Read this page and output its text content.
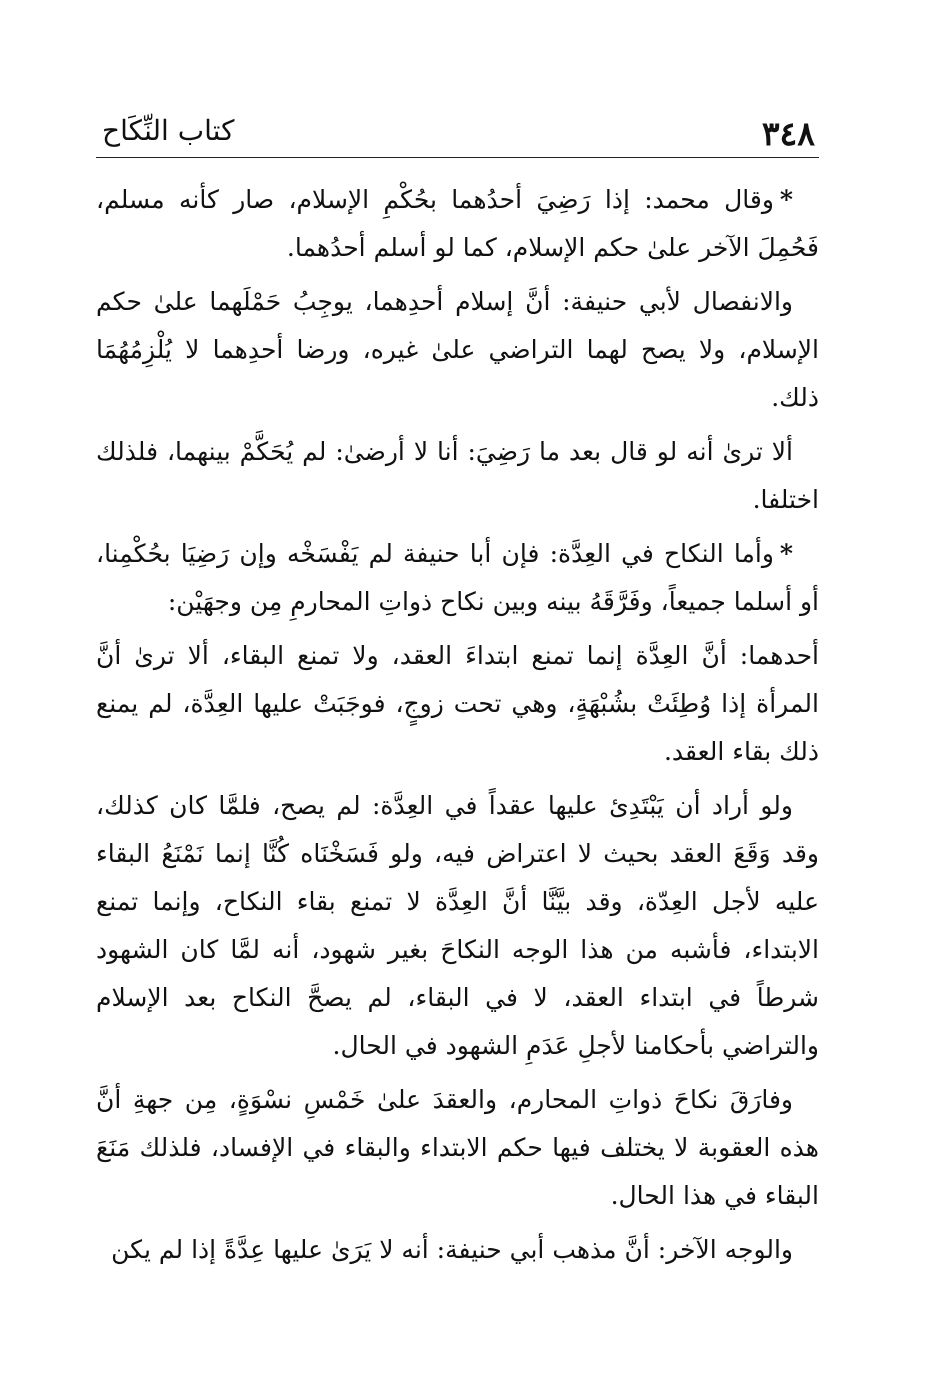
٣٤٨
كتاب النِّكَاح

*وقال محمد: إذا رَضِيَ أحدُهما بحُكْمِ الإسلام، صار كأنه مسلم، فَحُمِلَ الآخر علىٰ حكم الإسلام، كما لو أسلم أحدُهما.

والانفصال لأبي حنيفة: أنَّ إسلام أحدِهما، يوجِبُ حَمْلَهما علىٰ حكم الإسلام، ولا يصح لهما التراضي علىٰ غيره، ورضا أحدِهما لا يُلْزِمُهُمَا ذلك.

ألا ترىٰ أنه لو قال بعد ما رَضِيَ: أنا لا أرضىٰ: لم يُحَكَّمْ بينهما، فلذلك اختلفا.

*وأما النكاح في العِدَّة: فإن أبا حنيفة لم يَفْسَخْه وإن رَضِيَا بحُكْمِنا، أو أسلما جميعاً، وفَرَّقَهُ بينه وبين نكاح ذواتِ المحارمِ مِن وجهَيْن:

أحدهما: أنَّ العِدَّة إنما تمنع ابتداءَ العقد، ولا تمنع البقاء، ألا ترىٰ أنَّ المرأة إذا وُطِئَتْ بشُبْهَةٍ، وهي تحت زوجٍ، فوجَبَتْ عليها العِدَّة، لم يمنع ذلك بقاء العقد.

ولو أراد أن يَبْتَدِئ عليها عقداً في العِدَّة: لم يصح، فلمَّا كان كذلك، وقد وَقَعَ العقد بحيث لا اعتراض فيه، ولو فَسَخْنَاه كُنَّا إنما نَمْنَعُ البقاء عليه لأجل العِدّة، وقد بيَّنَّا أنَّ العِدَّة لا تمنع بقاء النكاح، وإنما تمنع الابتداء، فأشبه من هذا الوجه النكاحَ بغير شهود، أنه لمَّا كان الشهود شرطاً في ابتداء العقد، لا في البقاء، لم يصحَّ النكاح بعد الإسلام والتراضي بأحكامنا لأجلِ عَدَمِ الشهود في الحال.

وفارَقَ نكاحَ ذواتِ المحارم، والعقدَ علىٰ خَمْسِ نسْوَةٍ، مِن جهةِ أنَّ هذه العقوبة لا يختلف فيها حكم الابتداء والبقاء في الإفساد، فلذلك مَنَعَ البقاء في هذا الحال.

والوجه الآخر: أنَّ مذهب أبي حنيفة: أنه لا يَرَىٰ عليها عِدَّةً إذا لم يكن
